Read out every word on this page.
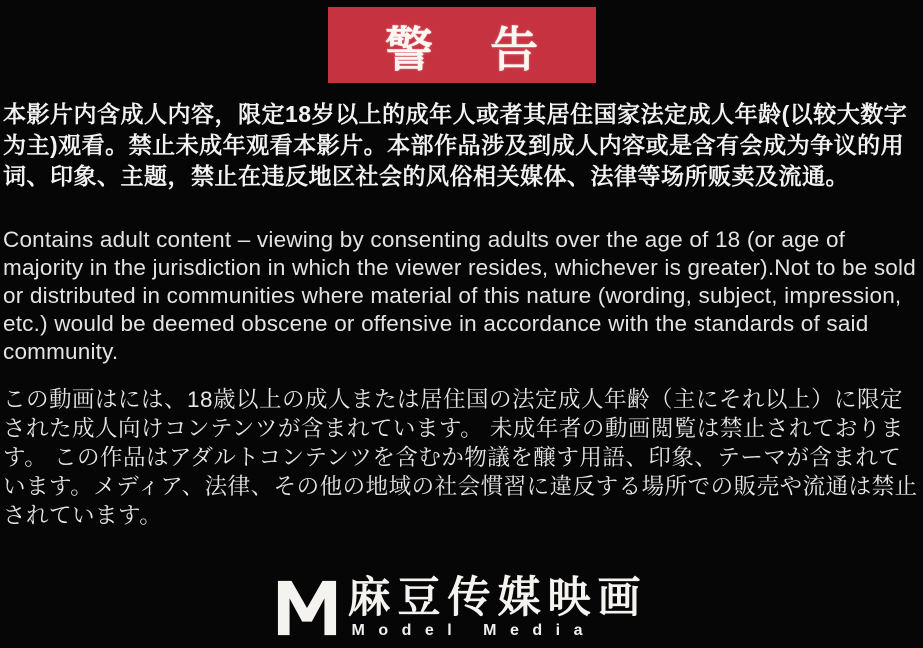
警 告
本影片内含成人内容，限定18岁以上的成年人或者其居住国家法定成人年龄(以较大数字为主)观看。禁止未成年观看本影片。本部作品涉及到成人内容或是含有会成为争议的用词、印象、主题，禁止在违反地区社会的风俗相关媒体、法律等场所贩卖及流通。
Contains adult content – viewing by consenting adults over the age of 18 (or age of majority in the jurisdiction in which the viewer resides, whichever is greater).Not to be sold or distributed in communities where material of this nature (wording, subject, impression, etc.) would be deemed obscene or offensive in accordance with the standards of said community.
この動画はには、18歳以上の成人または居住国の法定成人年齢（主にそれ以上）に限定された成人向けコンテンツが含まれています。 未成年者の動画閲覧は禁止されております。 この作品はアダルトコンテンツを含むか物議を醸す用語、印象、テーマが含まれています。メディア、法律、その他の地域の社会慣習に違反する場所での販売や流通は禁止されています。
麻豆传媒映画
Model Media
